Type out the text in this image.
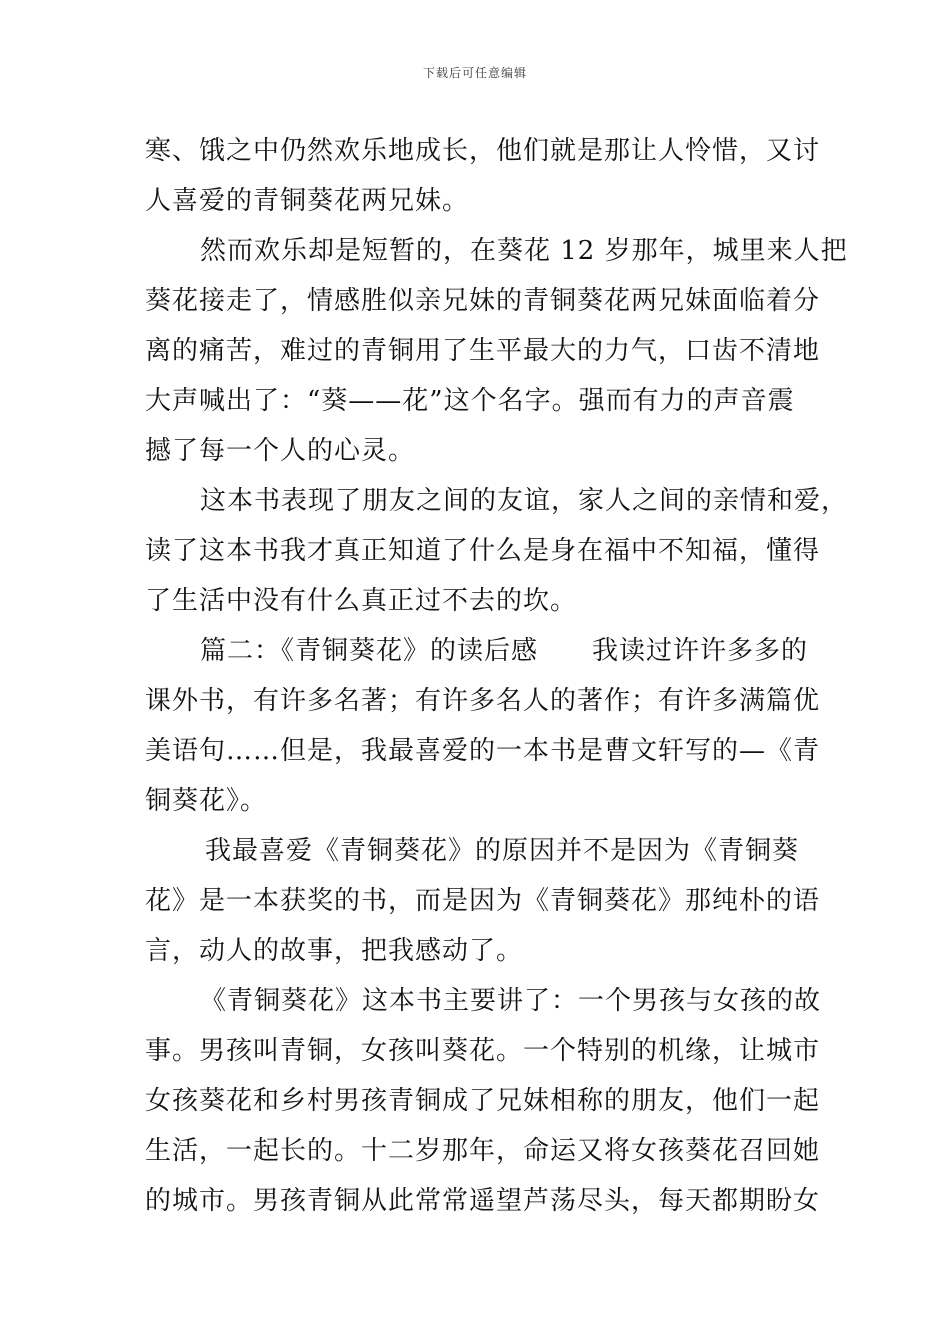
下载后可任意编辑
寒、饿之中仍然欢乐地成长，他们就是那让人怜惜，又讨
人喜爱的青铜葵花两兄妹。
然而欢乐却是短暂的，在葵花 12 岁那年，城里来人把
葵花接走了，情感胜似亲兄妹的青铜葵花两兄妹面临着分
离的痛苦，难过的青铜用了生平最大的力气，口齿不清地
大声喊出了：“葵——花”这个名字。强而有力的声音震
撼了每一个人的心灵。
这本书表现了朋友之间的友谊，家人之间的亲情和爱，
读了这本书我才真正知道了什么是身在福中不知福，懂得
了生活中没有什么真正过不去的坎。
篇二：《青铜葵花》的读后感 我读过许许多多的
课外书，有许多名著；有许多名人的著作；有许多满篇优
美语句……但是，我最喜爱的一本书是曹文轩写的—《青
铜葵花》。
我最喜爱《青铜葵花》的原因并不是因为《青铜葵
花》是一本获奖的书，而是因为《青铜葵花》那纯朴的语
言，动人的故事，把我感动了。
《青铜葵花》这本书主要讲了：一个男孩与女孩的故
事。男孩叫青铜，女孩叫葵花。一个特别的机缘，让城市
女孩葵花和乡村男孩青铜成了兄妹相称的朋友，他们一起
生活，一起长的。十二岁那年，命运又将女孩葵花召回她
的城市。男孩青铜从此常常遥望芦荡尽头，每天都期盼女
